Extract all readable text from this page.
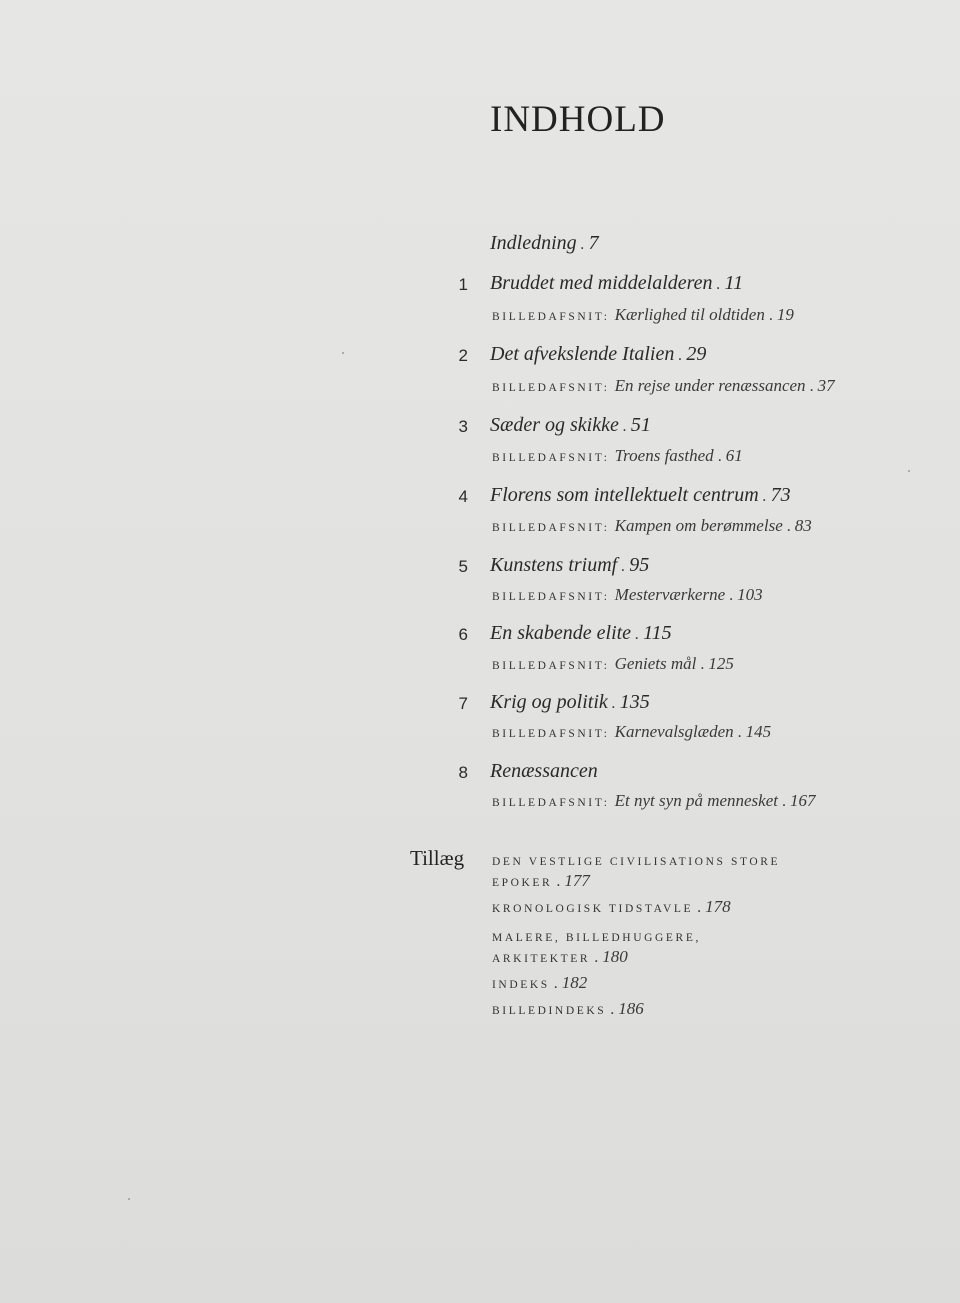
INDHOLD
Indledning . 7
1 Bruddet med middelalderen . 11
BILLEDAFSNIT: Kærlighed til oldtiden . 19
2 Det afvekslende Italien . 29
BILLEDAFSNIT: En rejse under renæssancen . 37
3 Sæder og skikke . 51
BILLEDAFSNIT: Troens fasthed . 61
4 Florens som intellektuelt centrum . 73
BILLEDAFSNIT: Kampen om berømmelse . 83
5 Kunstens triumf . 95
BILLEDAFSNIT: Mesterværkerne . 103
6 En skabende elite . 115
BILLEDAFSNIT: Geniets mål . 125
7 Krig og politik . 135
BILLEDAFSNIT: Karnevalsglæden . 145
8 Renæssancen
BILLEDAFSNIT: Et nyt syn på mennesket . 167
Tillæg DEN VESTLIGE CIVILISATIONS STORE
EPOKER . 177
KRONOLOGISK TIDSTAVLE . 178
MALERE, BILLEDHUGGERE,
ARKITEKTER . 180
INDEKS . 182
BILLEDINDEKS . 186
